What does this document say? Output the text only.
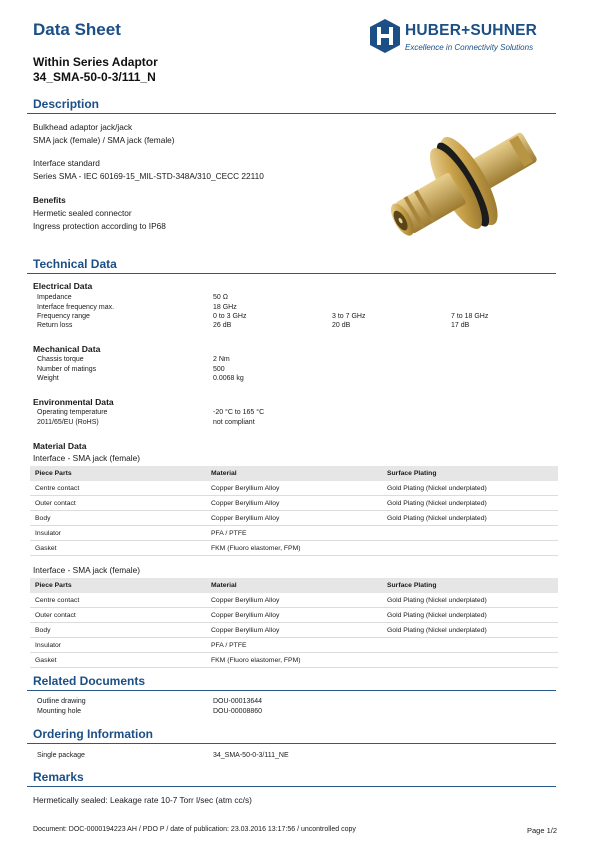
Data Sheet
Within Series Adaptor
34_SMA-50-0-3/111_N
HUBER+SUHNER
Excellence in Connectivity Solutions
Description
Bulkhead adaptor jack/jack
SMA jack (female) / SMA jack (female)
Interface standard
Series SMA - IEC 60169-15_MIL-STD-348A/310_CECC 22110
Benefits
Hermetic sealed connector
Ingress protection according to IP68
Technical Data
Electrical Data
Impedance	50 Ω
Interface frequency max.	18 GHz
Frequency range	0 to 3 GHz	3 to 7 GHz	7 to 18 GHz
Return loss	26 dB	20 dB	17 dB
Mechanical Data
Chassis torque	2 Nm
Number of matings	500
Weight	0.0068 kg
Environmental Data
Operating temperature	-20 °C to 165 °C
2011/65/EU (RoHS)	not compliant
Material Data
Interface - SMA jack (female)
Piece Parts	Material	Surface Plating
Centre contact	Copper Beryllium Alloy	Gold Plating (Nickel underplated)
Outer contact	Copper Beryllium Alloy	Gold Plating (Nickel underplated)
Body	Copper Beryllium Alloy	Gold Plating (Nickel underplated)
Insulator	PFA / PTFE	
Gasket	FKM (Fluoro elastomer, FPM)	
Interface - SMA jack (female)
Piece Parts	Material	Surface Plating
Centre contact	Copper Beryllium Alloy	Gold Plating (Nickel underplated)
Outer contact	Copper Beryllium Alloy	Gold Plating (Nickel underplated)
Body	Copper Beryllium Alloy	Gold Plating (Nickel underplated)
Insulator	PFA / PTFE	
Gasket	FKM (Fluoro elastomer, FPM)	
Related Documents
Outline drawing	DOU-00013644
Mounting hole	DOU-00008860
Ordering Information
Single package	34_SMA-50-0-3/111_NE
Remarks
Hermetically sealed: Leakage rate 10-7 Torr l/sec (atm cc/s)
Document: DOC-0000194223 AH / PDO P / date of publication: 23.03.2016 13:17:56 / uncontrolled copy	Page 1/2
